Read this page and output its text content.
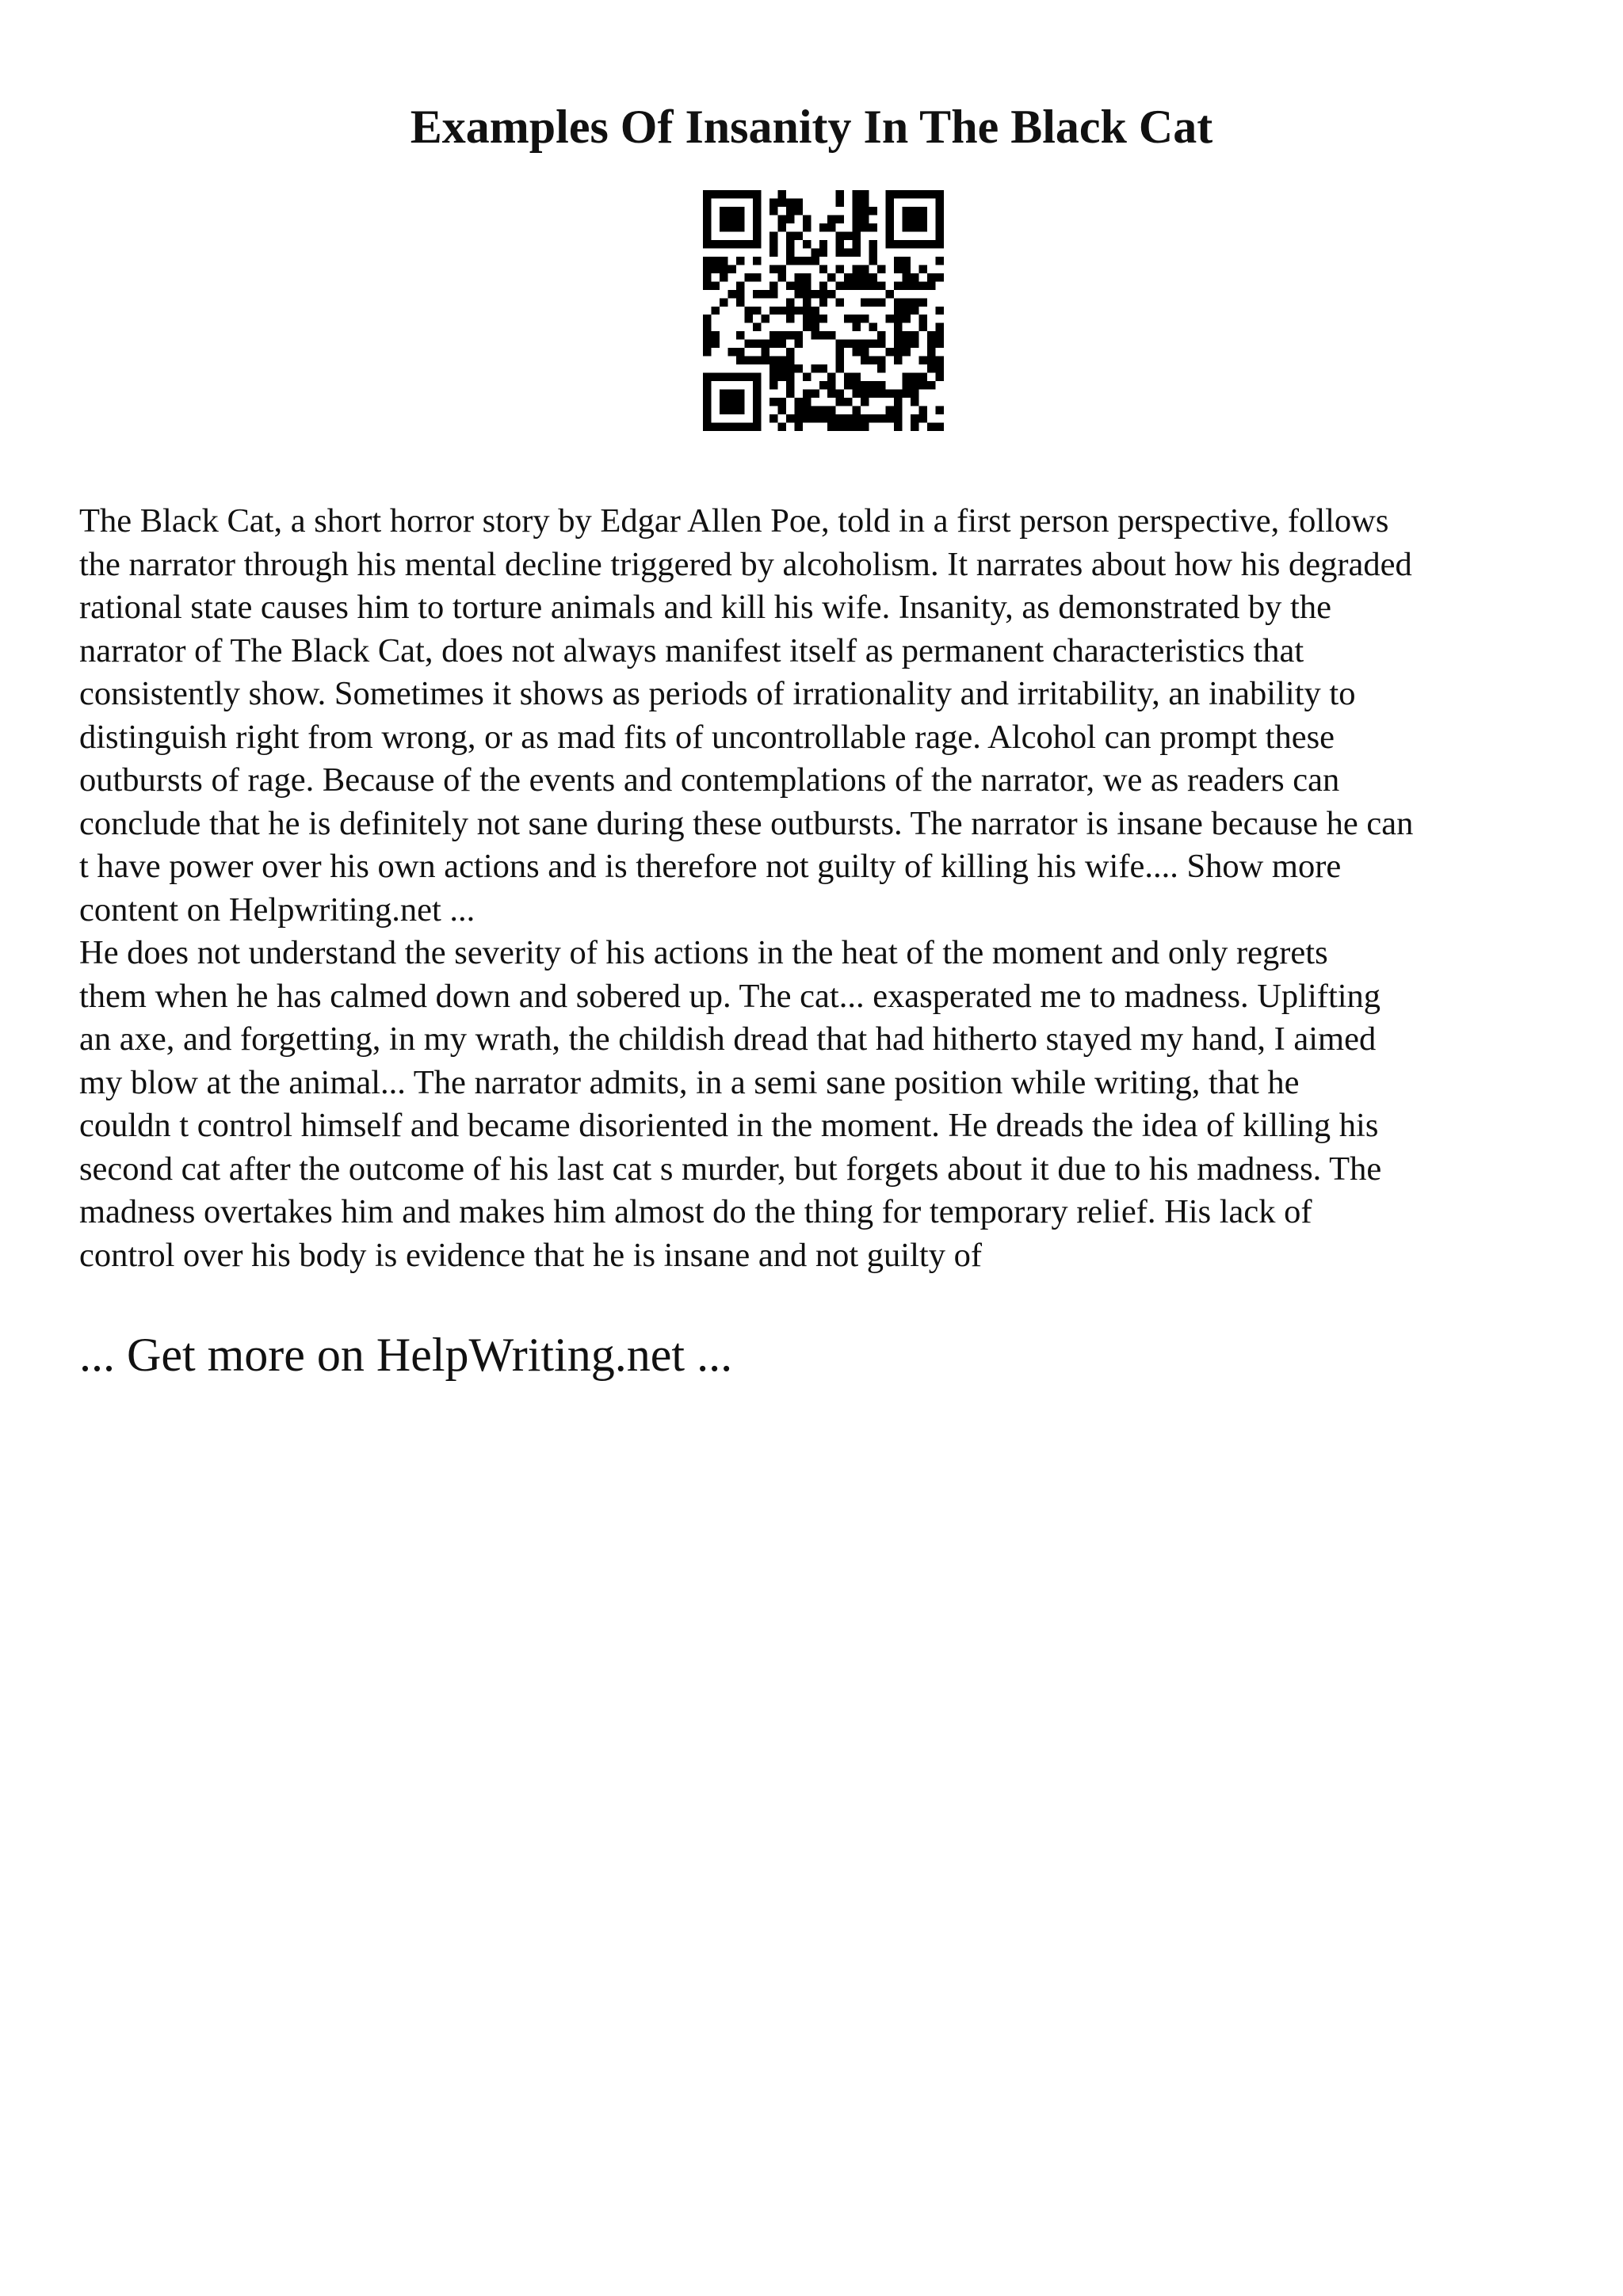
Examples Of Insanity In The Black Cat

The Black Cat, a short horror story by Edgar Allen Poe, told in a first person perspective, follows
the narrator through his mental decline triggered by alcoholism. It narrates about how his degraded
rational state causes him to torture animals and kill his wife. Insanity, as demonstrated by the
narrator of The Black Cat, does not always manifest itself as permanent characteristics that
consistently show. Sometimes it shows as periods of irrationality and irritability, an inability to
distinguish right from wrong, or as mad fits of uncontrollable rage. Alcohol can prompt these
outbursts of rage. Because of the events and contemplations of the narrator, we as readers can
conclude that he is definitely not sane during these outbursts. The narrator is insane because he can
t have power over his own actions and is therefore not guilty of killing his wife.... Show more
content on Helpwriting.net ...

He does not understand the severity of his actions in the heat of the moment and only regrets
them when he has calmed down and sobered up. The cat... exasperated me to madness. Uplifting
an axe, and forgetting, in my wrath, the childish dread that had hitherto stayed my hand, I aimed
my blow at the animal... The narrator admits, in a semi sane position while writing, that he
couldn t control himself and became disoriented in the moment. He dreads the idea of killing his
second cat after the outcome of his last cat s murder, but forgets about it due to his madness. The
madness overtakes him and makes him almost do the thing for temporary relief. His lack of
control over his body is evidence that he is insane and not guilty of

... Get more on HelpWriting.net ...
